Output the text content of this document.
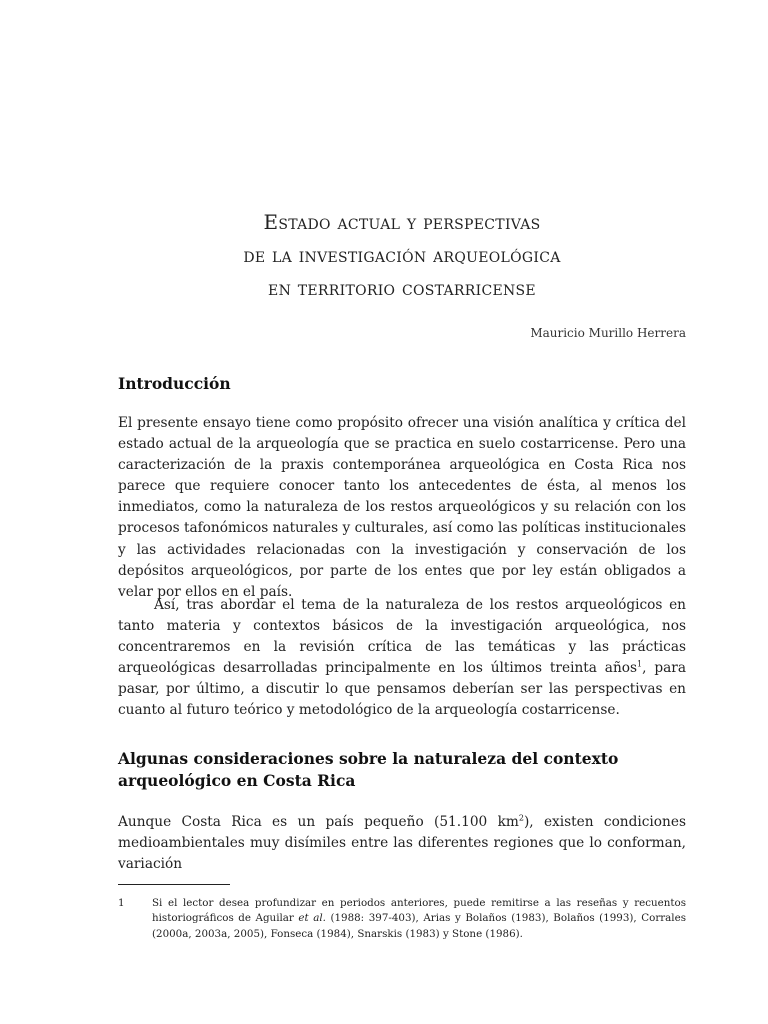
Estado actual y perspectivas
de la investigación arqueológica
en territorio costarricense
Mauricio Murillo Herrera
Introducción

El presente ensayo tiene como propósito ofrecer una visión analítica y crítica del estado actual de la arqueología que se practica en suelo costarricense. Pero una caracterización de la praxis contemporánea arqueológica en Costa Rica nos parece que requiere conocer tanto los antecedentes de ésta, al menos los inmediatos, como la naturaleza de los restos arqueológicos y su relación con los procesos tafonómicos naturales y culturales, así como las políticas institucionales y las actividades relacionadas con la investigación y conservación de los depósitos arqueológicos, por parte de los entes que por ley están obligados a velar por ellos en el país.

Así, tras abordar el tema de la naturaleza de los restos arqueológicos en tanto materia y contextos básicos de la investigación arqueológica, nos concentraremos en la revisión crítica de las temáticas y las prácticas arqueológicas desarrolladas principalmente en los últimos treinta años$^1$, para pasar, por último, a discutir lo que pensamos deberían ser las perspectivas en cuanto al futuro teórico y metodológico de la arqueología costarricense.

Algunas consideraciones sobre la naturaleza del contexto arqueológico en Costa Rica

Aunque Costa Rica es un país pequeño (51.100 $km^2$), existen condiciones medioambientales muy disímiles entre las diferentes regiones que lo conforman, variación

1	Si el lector desea profundizar en periodos anteriores, puede remitirse a las reseñas y recuentos historiográficos de Aguilar et al. (1988: 397-403), Arias y Bolaños (1983), Bolaños (1993), Corrales (2000a, 2003a, 2005), Fonseca (1984), Snarskis (1983) y Stone (1986).
